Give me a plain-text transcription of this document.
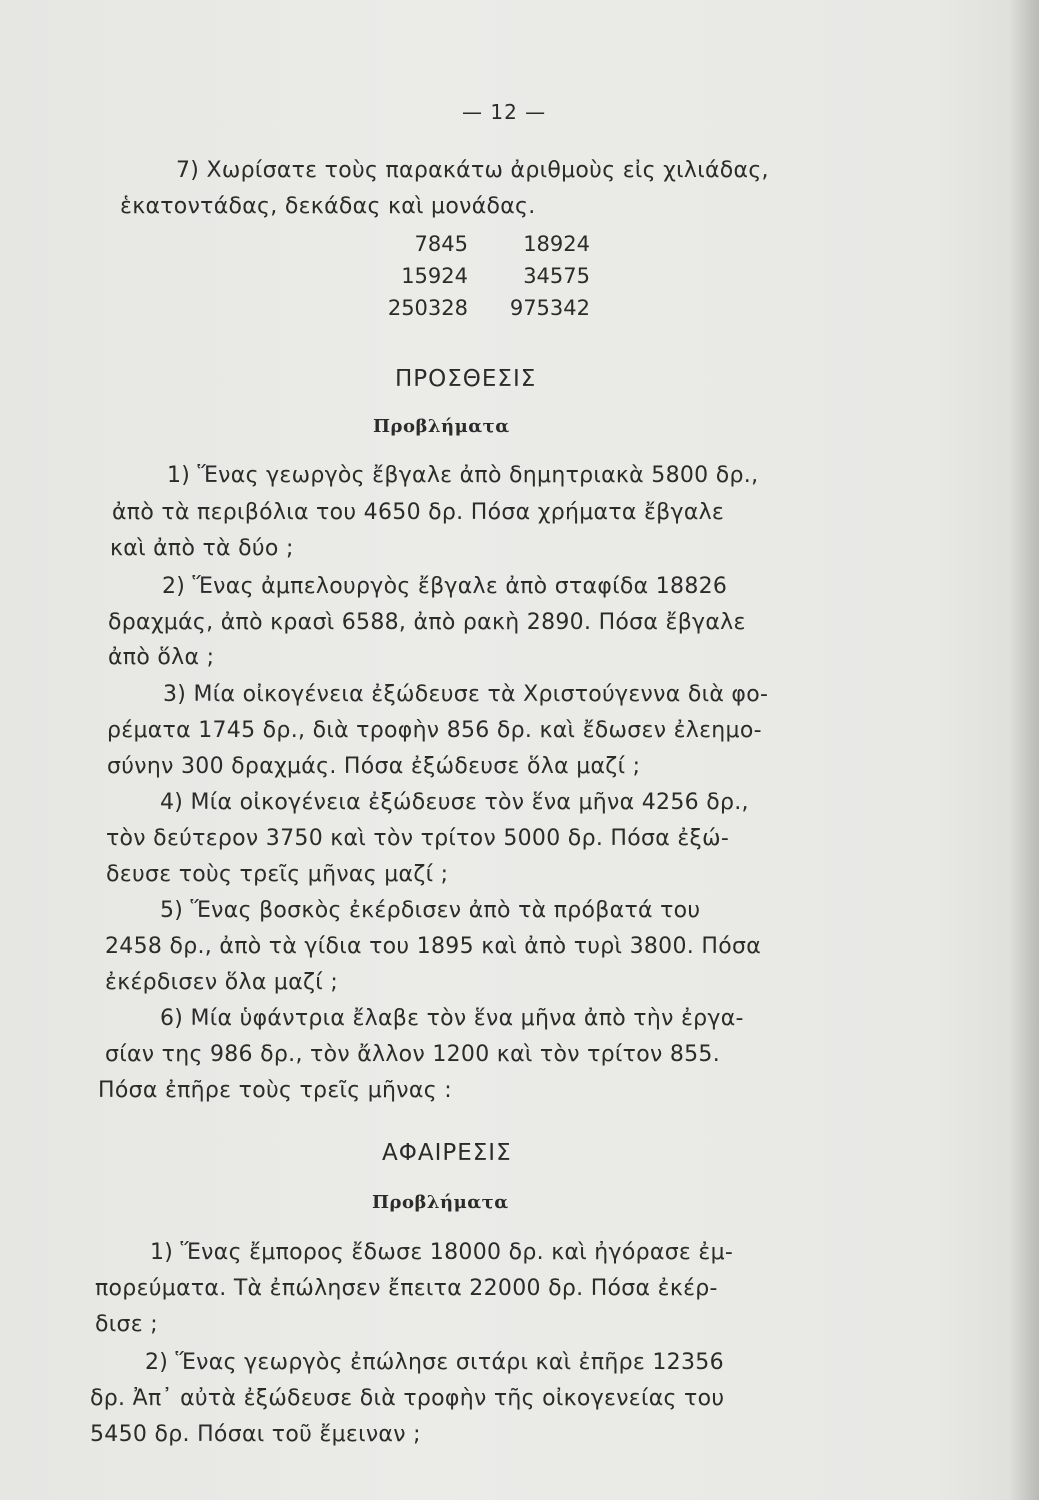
— 12 —
7) Χωρίσατε τοὺς παρακάτω ἀριθμοὺς εἰς χιλιάδας,
ἑκατοντάδας, δεκάδας καὶ μονάδας.
7845	18924
15924	34575
250328	975342
ΠΡΟΣΘΕΣΙΣ
Προβλήματα
1) Ἕνας γεωργὸς ἔβγαλε ἀπὸ δημητριακὰ 5800 δρ.,
ἀπὸ τὰ περιβόλια του 4650 δρ. Πόσα χρήματα ἔβγαλε
καὶ ἀπὸ τὰ δύο ;
2) Ἕνας ἀμπελουργὸς ἔβγαλε ἀπὸ σταφίδα 18826
δραχμάς, ἀπὸ κρασὶ 6588, ἀπὸ ρακὴ 2890. Πόσα ἔβγαλε
ἀπὸ ὅλα ;
3) Μία οἰκογένεια ἐξώδευσε τὰ Χριστούγεννα διὰ φο-
ρέματα 1745 δρ., διὰ τροφὴν 856 δρ. καὶ ἔδωσεν ἐλεημο-
σύνην 300 δραχμάς. Πόσα ἐξώδευσε ὅλα μαζί ;
4) Μία οἰκογένεια ἐξώδευσε τὸν ἕνα μῆνα 4256 δρ.,
τὸν δεύτερον 3750 καὶ τὸν τρίτον 5000 δρ. Πόσα ἐξώ-
δευσε τοὺς τρεῖς μῆνας μαζί ;
5) Ἕνας βοσκὸς ἐκέρδισεν ἀπὸ τὰ πρόβατά του
2458 δρ., ἀπὸ τὰ γίδια του 1895 καὶ ἀπὸ τυρὶ 3800. Πόσα
ἐκέρδισεν ὅλα μαζί ;
6) Μία ὑφάντρια ἔλαβε τὸν ἕνα μῆνα ἀπὸ τὴν ἐργα-
σίαν της 986 δρ., τὸν ἄλλον 1200 καὶ τὸν τρίτον 855.
Πόσα ἐπῆρε τοὺς τρεῖς μῆνας :
ΑΦΑΙΡΕΣΙΣ
Προβλήματα
1) Ἕνας ἔμπορος ἔδωσε 18000 δρ. καὶ ἠγόρασε ἐμ-
πορεύματα. Τὰ ἐπώλησεν ἔπειτα 22000 δρ. Πόσα ἐκέρ-
δισε ;
2) Ἕνας γεωργὸς ἐπώλησε σιτάρι καὶ ἐπῆρε 12356
δρ. Ἀπ᾽ αὐτὰ ἐξώδευσε διὰ τροφὴν τῆς οἰκογενείας του
5450 δρ. Πόσαι τοῦ ἔμειναν ;
